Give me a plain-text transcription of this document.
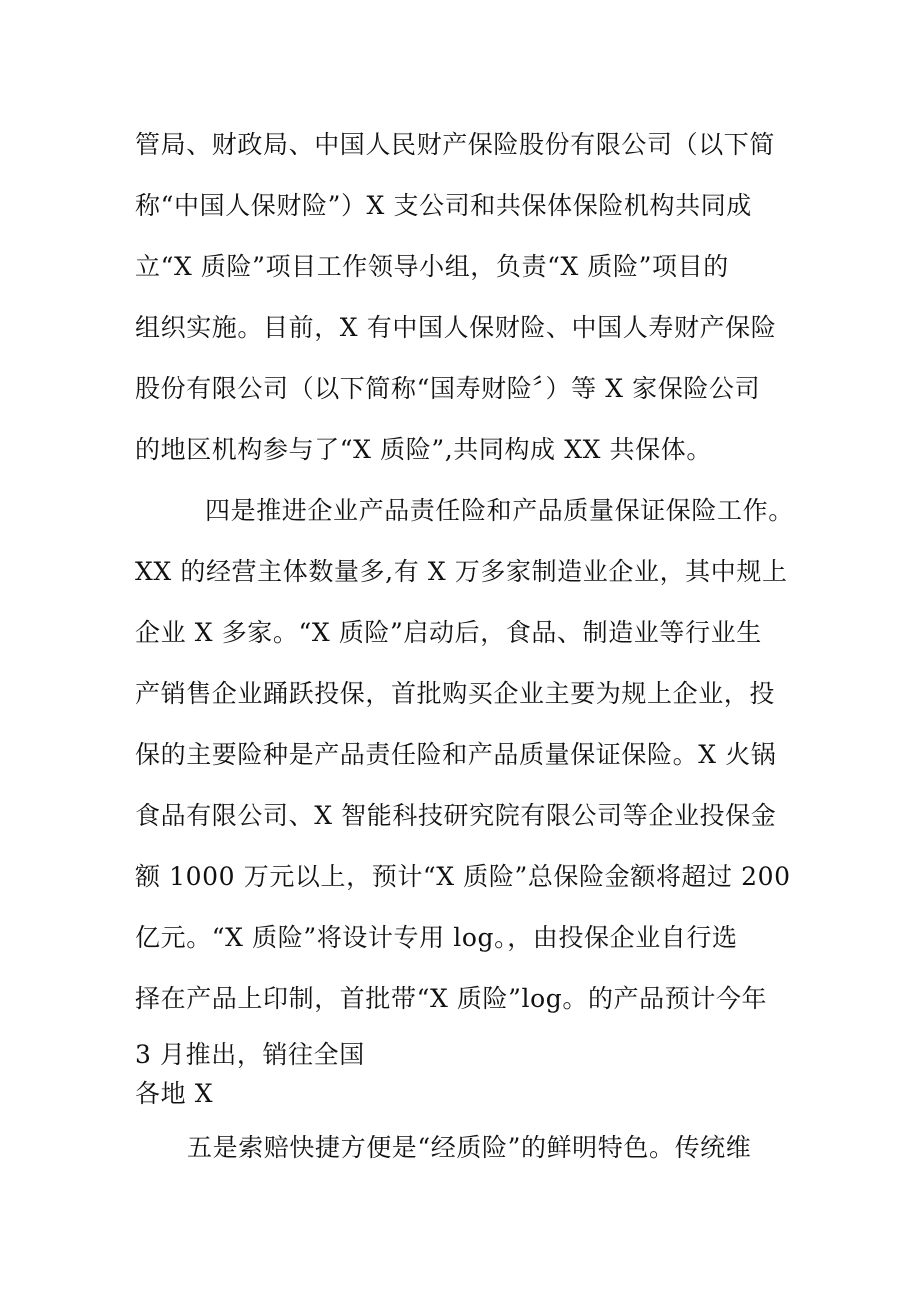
管局、财政局、中国人民财产保险股份有限公司（以下简
称“中国人保财险”）X 支公司和共保体保险机构共同成
立“X 质险”项目工作领导小组，负责“X 质险”项目的
组织实施。目前，X 有中国人保财险、中国人寿财产保险
股份有限公司（以下简称“国寿财险〞）等 X 家保险公司
的地区机构参与了“X 质险”,共同构成 XX 共保体。
四是推进企业产品责任险和产品质量保证保险工作。
XX 的经营主体数量多,有 X 万多家制造业企业，其中规上
企业 X 多家。“X 质险”启动后，食品、制造业等行业生
产销售企业踊跃投保，首批购买企业主要为规上企业，投
保的主要险种是产品责任险和产品质量保证保险。X 火锅
食品有限公司、X 智能科技研究院有限公司等企业投保金
额 1000 万元以上，预计“X 质险”总保险金额将超过 200
亿元。“X 质险”将设计专用 log。，由投保企业自行选
择在产品上印制，首批带“X 质险”log。的产品预计今年
3 月推出，销往全国
各地 X
五是索赔快捷方便是“经质险”的鲜明特色。传统维
